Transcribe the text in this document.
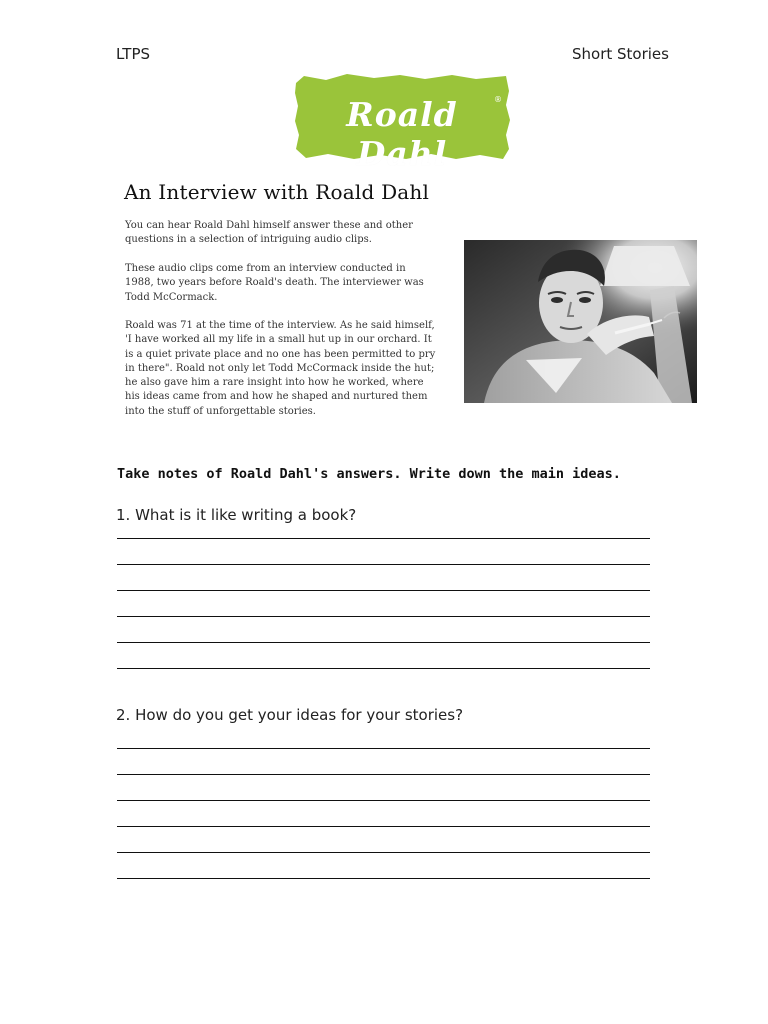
LTPS	Short Stories
Roald Dahl
®
An Interview with Roald Dahl

You can hear Roald Dahl himself answer these and other questions in a selection of intriguing audio clips.

These audio clips come from an interview conducted in 1988, two years before Roald's death. The interviewer was Todd McCormack.

Roald was 71 at the time of the interview. As he said himself, 'I have worked all my life in a small hut up in our orchard. It is a quiet private place and no one has been permitted to pry in there". Roald not only let Todd McCormack inside the hut; he also gave him a rare insight into how he worked, where his ideas came from and how he shaped and nurtured them into the stuff of unforgettable stories.

Take notes of Roald Dahl's answers. Write down the main ideas.
1. What is it like writing a book?
2. How do you get your ideas for your stories?
